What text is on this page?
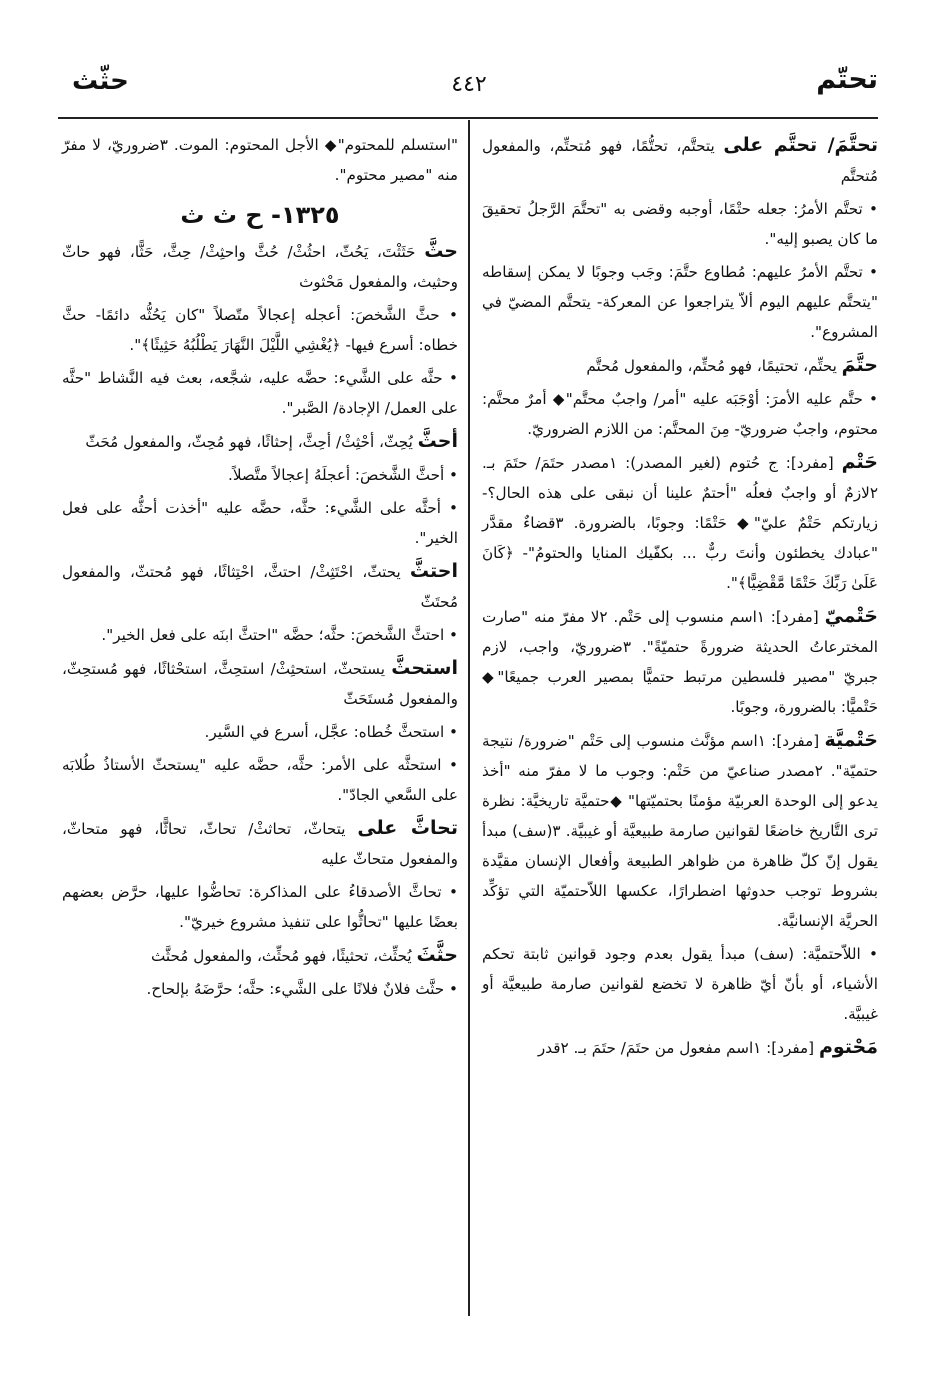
تحتّم
٤٤٢
حثّث

تحتَّمَ/ تحتَّم على يتحتَّم، تحتُّمًا، فهو مُتحتِّم، والمفعول مُتحتَّم

• تحتَّم الأمرُ: جعله حتْمًا، أوجبه وقضى به "تحتَّمَ الرَّجلُ تحقيقَ ما كان يصبو إليه".

• تحتَّم الأمرُ عليهم: مُطاوع حتَّمَ: وجَب وجوبًا لا يمكن إسقاطه "يتحتَّم عليهم اليوم ألاّ يتراجعوا عن المعركة- يتحتَّم المضيّ في المشروع".

حتَّمَ يحتِّم، تحتيمًا، فهو مُحتِّم، والمفعول مُحتَّم

• حتَّم عليه الأمرَ: أوْجَبَه عليه "أمر/ واجبٌ محتَّم"◆ أمرٌ محتَّم: محتوم، واجبٌ ضروريّ- مِنَ المحتَّم: من اللازم الضروريّ.

حَتْم [مفرد]: ج حُتوم (لغير المصدر): ١مصدر حتَمَ/ حتَمَ بـ. ٢لازمٌ أو واجبٌ فعلُه "أحتمٌ علينا أن نبقى على هذه الحال؟- زيارتكم حَتْمٌ عليّ"◆ حَتْمًا: وجوبًا، بالضرورة. ٣قضاءٌ مقدَّر "عبادك يخطئون وأنتَ ربٌّ ... بكفّيك المنايا والحتومُ"- ﴿كَانَ عَلَىٰ رَبِّكَ حَتْمًا مَّقْضِيًّا﴾".

حَتْميّ [مفرد]: ١اسم منسوب إلى حَتْم. ٢لا مفرّ منه "صارت المخترعاتُ الحديثة ضرورةً حتميّةً". ٣ضروريّ، واجب، لازم جبريّ "مصير فلسطين مرتبط حتميًّا بمصير العرب جميعًا"◆ حَتْميًّا: بالضرورة، وجوبًا.

حَتْميَّة [مفرد]: ١اسم مؤنَّث منسوب إلى حَتْم "ضرورة/ نتيجة حتميّة". ٢مصدر صناعيّ من حَتْم: وجوب ما لا مفرّ منه "أخذ يدعو إلى الوحدة العربيّة مؤمنًا بحتميّتها" ◆حتميَّة تاريخيَّة: نظرة ترى التَّاريخ خاضعًا لقوانين صارمة طبيعيَّة أو غيبيَّة. ٣(سف) مبدأ يقول إنّ كلّ ظاهرة من ظواهر الطبيعة وأفعال الإنسان مقيَّدة بشروط توجب حدوثها اضطرارًا، عكسها اللاّحتميّة التي تؤكِّد الحريَّة الإنسانيَّة.

• اللاّحتميَّة: (سف) مبدأ يقول بعدم وجود قوانين ثابتة تحكم الأشياء، أو بأنّ أيّ ظاهرة لا تخضع لقوانين صارمة طبيعيَّة أو غيبيَّة.

مَحْتوم [مفرد]: ١اسم مفعول من حتَمَ/ حتَمَ بـ. ٢قدر

"استسلم للمحتوم"◆ الأجل المحتوم: الموت. ٣ضروريّ، لا مفرّ منه "مصير محتوم".

١٣٢٥- ح ث ث

حثَّ حَثَثْتَ، يَحُثّ، احثُثْ/ حُثَّ واحثِثْ/ حِثَّ، حَثًّا، فهو حاثّ وحثيث، والمفعول مَحْثوث

• حثَّ الشَّخصَ: أعجله إعجالاً متّصلاً "كان يَحُثُّه دائمًا- حثَّ خطاه: أسرع فيها- ﴿يُغْشِي اللَّيْلَ النَّهَارَ يَطْلُبُهُ حَثِيثًا﴾".

• حثَّه على الشَّيء: حضَّه عليه، شجَّعه، بعث فيه النَّشاط "حثَّه على العمل/ الإجادة/ الصَّبر".

أحثَّ يُحِثّ، أحْثِثْ/ أحِثَّ، إحثاثًا، فهو مُحِثّ، والمفعول مُحَثّ

• أحثَّ الشَّخصَ: أعجلَهُ إعجالاً متَّصلاً.

• أحثَّه على الشَّيء: حثَّه، حضَّه عليه "أخذت أحثُّه على فعل الخير".

احتثَّ يحتثّ، احْتَثِثْ/ احتثَّ، احْتِثاثًا، فهو مُحتثّ، والمفعول مُحتَثّ

• احتثَّ الشَّخصَ: حثَّه؛ حضَّه "احتثَّ ابنَه على فعل الخير".

استحثَّ يستحثّ، استحثِثْ/ استحِثَّ، استحْثاثًا، فهو مُستحِثّ، والمفعول مُستَحَثّ

• استحثَّ خُطاه: عجَّل، أسرع في السَّير.

• استحثَّه على الأمر: حثَّه، حضَّه عليه "يستحثّ الأستاذُ طُلابَه على السَّعي الجادّ".

تحاثَّ على يتحاثّ، تحاثثْ/ تحاثّ، تحاثًّا، فهو متحاثّ، والمفعول متحاثّ عليه

• تحاثَّ الأصدقاءُ على المذاكرة: تحاضُّوا عليها، حرَّض بعضهم بعضًا عليها "تحاثُّوا على تنفيذ مشروع خيريّ".

حثَّثَ يُحثِّث، تحثيثًا، فهو مُحثِّث، والمفعول مُحثَّث

• حثَّث فلانٌ فلانًا على الشَّيء: حثَّه؛ حرَّضَهُ بإلحاح.
